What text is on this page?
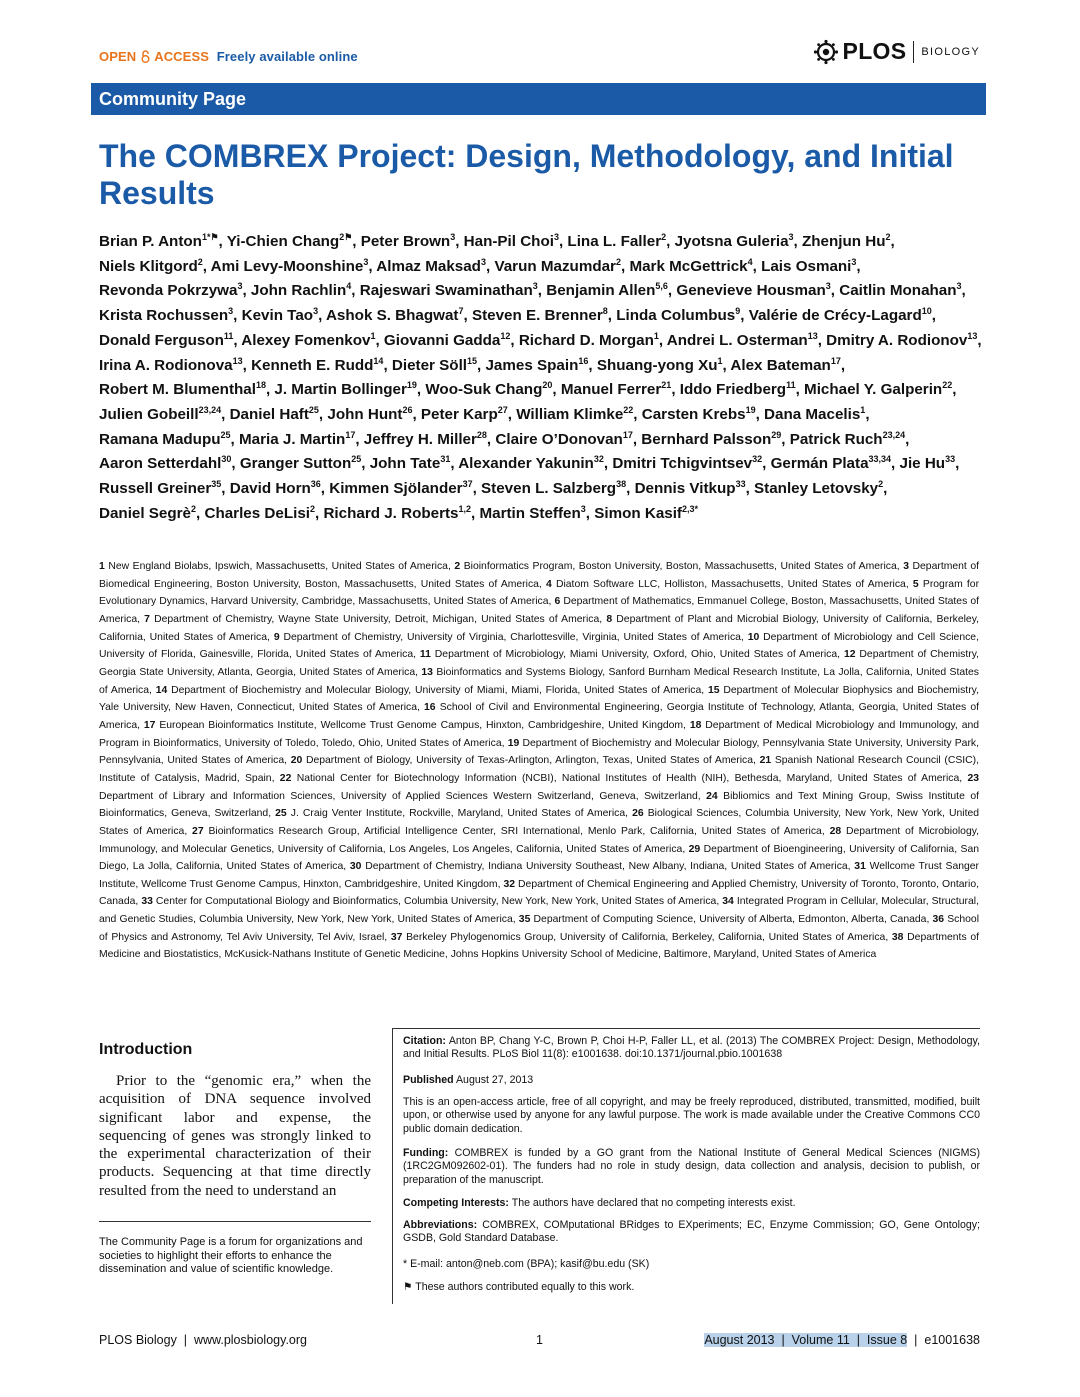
OPEN ACCESS Freely available online	PLOS BIOLOGY
Community Page
The COMBREX Project: Design, Methodology, and Initial Results
Brian P. Anton$^{1*⚑}$, Yi-Chien Chang$^{2⚑}$, Peter Brown$^3$, Han-Pil Choi$^3$, Lina L. Faller$^2$, Jyotsna Guleria$^3$, Zhenjun Hu$^2$, Niels Klitgord$^2$, Ami Levy-Moonshine$^3$, Almaz Maksad$^3$, Varun Mazumdar$^2$, Mark McGettrick$^4$, Lais Osmani$^3$, Revonda Pokrzywa$^3$, John Rachlin$^4$, Rajeswari Swaminathan$^3$, Benjamin Allen$^{5,6}$, Genevieve Housman$^3$, Caitlin Monahan$^3$, Krista Rochussen$^3$, Kevin Tao$^3$, Ashok S. Bhagwat$^7$, Steven E. Brenner$^8$, Linda Columbus$^9$, Valérie de Crécy-Lagard$^{10}$, Donald Ferguson$^{11}$, Alexey Fomenkov$^1$, Giovanni Gadda$^{12}$, Richard D. Morgan$^1$, Andrei L. Osterman$^{13}$, Dmitry A. Rodionov$^{13}$, Irina A. Rodionova$^{13}$, Kenneth E. Rudd$^{14}$, Dieter Söll$^{15}$, James Spain$^{16}$, Shuang-yong Xu$^1$, Alex Bateman$^{17}$, Robert M. Blumenthal$^{18}$, J. Martin Bollinger$^{19}$, Woo-Suk Chang$^{20}$, Manuel Ferrer$^{21}$, Iddo Friedberg$^{11}$, Michael Y. Galperin$^{22}$, Julien Gobeill$^{23,24}$, Daniel Haft$^{25}$, John Hunt$^{26}$, Peter Karp$^{27}$, William Klimke$^{22}$, Carsten Krebs$^{19}$, Dana Macelis$^1$, Ramana Madupu$^{25}$, Maria J. Martin$^{17}$, Jeffrey H. Miller$^{28}$, Claire O’Donovan$^{17}$, Bernhard Palsson$^{29}$, Patrick Ruch$^{23,24}$, Aaron Setterdahl$^{30}$, Granger Sutton$^{25}$, John Tate$^{31}$, Alexander Yakunin$^{32}$, Dmitri Tchigvintsev$^{32}$, Germán Plata$^{33,34}$, Jie Hu$^{33}$, Russell Greiner$^{35}$, David Horn$^{36}$, Kimmen Sjölander$^{37}$, Steven L. Salzberg$^{38}$, Dennis Vitkup$^{33}$, Stanley Letovsky$^2$, Daniel Segrè$^2$, Charles DeLisi$^2$, Richard J. Roberts$^{1,2}$, Martin Steffen$^3$, Simon Kasif$^{2,3*}$
1 New England Biolabs, Ipswich, Massachusetts, United States of America, 2 Bioinformatics Program, Boston University, Boston, Massachusetts, United States of America, 3 Department of Biomedical Engineering, Boston University, Boston, Massachusetts, United States of America, 4 Diatom Software LLC, Holliston, Massachusetts, United States of America, 5 Program for Evolutionary Dynamics, Harvard University, Cambridge, Massachusetts, United States of America, 6 Department of Mathematics, Emmanuel College, Boston, Massachusetts, United States of America, 7 Department of Chemistry, Wayne State University, Detroit, Michigan, United States of America, 8 Department of Plant and Microbial Biology, University of California, Berkeley, California, United States of America, 9 Department of Chemistry, University of Virginia, Charlottesville, Virginia, United States of America, 10 Department of Microbiology and Cell Science, University of Florida, Gainesville, Florida, United States of America, 11 Department of Microbiology, Miami University, Oxford, Ohio, United States of America, 12 Department of Chemistry, Georgia State University, Atlanta, Georgia, United States of America, 13 Bioinformatics and Systems Biology, Sanford Burnham Medical Research Institute, La Jolla, California, United States of America, 14 Department of Biochemistry and Molecular Biology, University of Miami, Miami, Florida, United States of America, 15 Department of Molecular Biophysics and Biochemistry, Yale University, New Haven, Connecticut, United States of America, 16 School of Civil and Environmental Engineering, Georgia Institute of Technology, Atlanta, Georgia, United States of America, 17 European Bioinformatics Institute, Wellcome Trust Genome Campus, Hinxton, Cambridgeshire, United Kingdom, 18 Department of Medical Microbiology and Immunology, and Program in Bioinformatics, University of Toledo, Toledo, Ohio, United States of America, 19 Department of Biochemistry and Molecular Biology, Pennsylvania State University, University Park, Pennsylvania, United States of America, 20 Department of Biology, University of Texas-Arlington, Arlington, Texas, United States of America, 21 Spanish National Research Council (CSIC), Institute of Catalysis, Madrid, Spain, 22 National Center for Biotechnology Information (NCBI), National Institutes of Health (NIH), Bethesda, Maryland, United States of America, 23 Department of Library and Information Sciences, University of Applied Sciences Western Switzerland, Geneva, Switzerland, 24 Bibliomics and Text Mining Group, Swiss Institute of Bioinformatics, Geneva, Switzerland, 25 J. Craig Venter Institute, Rockville, Maryland, United States of America, 26 Biological Sciences, Columbia University, New York, New York, United States of America, 27 Bioinformatics Research Group, Artificial Intelligence Center, SRI International, Menlo Park, California, United States of America, 28 Department of Microbiology, Immunology, and Molecular Genetics, University of California, Los Angeles, Los Angeles, California, United States of America, 29 Department of Bioengineering, University of California, San Diego, La Jolla, California, United States of America, 30 Department of Chemistry, Indiana University Southeast, New Albany, Indiana, United States of America, 31 Wellcome Trust Sanger Institute, Wellcome Trust Genome Campus, Hinxton, Cambridgeshire, United Kingdom, 32 Department of Chemical Engineering and Applied Chemistry, University of Toronto, Toronto, Ontario, Canada, 33 Center for Computational Biology and Bioinformatics, Columbia University, New York, New York, United States of America, 34 Integrated Program in Cellular, Molecular, Structural, and Genetic Studies, Columbia University, New York, New York, United States of America, 35 Department of Computing Science, University of Alberta, Edmonton, Alberta, Canada, 36 School of Physics and Astronomy, Tel Aviv University, Tel Aviv, Israel, 37 Berkeley Phylogenomics Group, University of California, Berkeley, California, United States of America, 38 Departments of Medicine and Biostatistics, McKusick-Nathans Institute of Genetic Medicine, Johns Hopkins University School of Medicine, Baltimore, Maryland, United States of America
Introduction
Prior to the “genomic era,” when the acquisition of DNA sequence involved significant labor and expense, the sequencing of genes was strongly linked to the experimental characterization of their products. Sequencing at that time directly resulted from the need to understand an
The Community Page is a forum for organizations and societies to highlight their efforts to enhance the dissemination and value of scientific knowledge.
Citation: Anton BP, Chang Y-C, Brown P, Choi H-P, Faller LL, et al. (2013) The COMBREX Project: Design, Methodology, and Initial Results. PLoS Biol 11(8): e1001638. doi:10.1371/journal.pbio.1001638
Published August 27, 2013
This is an open-access article, free of all copyright, and may be freely reproduced, distributed, transmitted, modified, built upon, or otherwise used by anyone for any lawful purpose. The work is made available under the Creative Commons CC0 public domain dedication.
Funding: COMBREX is funded by a GO grant from the National Institute of General Medical Sciences (NIGMS) (1RC2GM092602-01). The funders had no role in study design, data collection and analysis, decision to publish, or preparation of the manuscript.
Competing Interests: The authors have declared that no competing interests exist.
Abbreviations: COMBREX, COMputational BRidges to EXperiments; EC, Enzyme Commission; GO, Gene Ontology; GSDB, Gold Standard Database.
* E-mail: anton@neb.com (BPA); kasif@bu.edu (SK)
⚑ These authors contributed equally to this work.
PLOS Biology  |  www.plosbiology.org	1	August 2013  |  Volume 11  |  Issue 8  |  e1001638
